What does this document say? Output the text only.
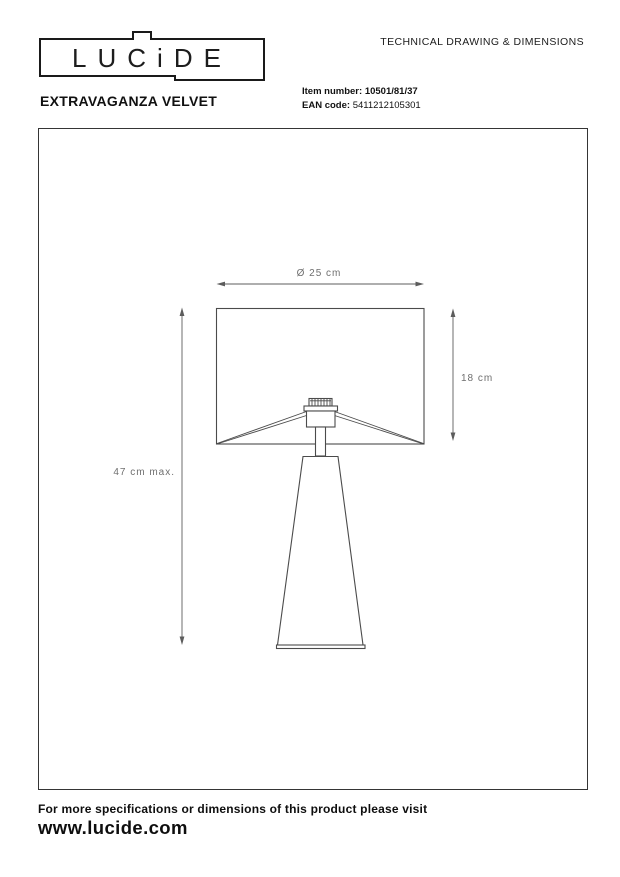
LUCiDE
TECHNICAL DRAWING & DIMENSIONS
EXTRAVAGANZA VELVET
Item number: 10501/81/37
EAN code: 5411212105301
Ø 25 cm
18 cm
47 cm max.
For more specifications or dimensions of this product please visit
www.lucide.com
